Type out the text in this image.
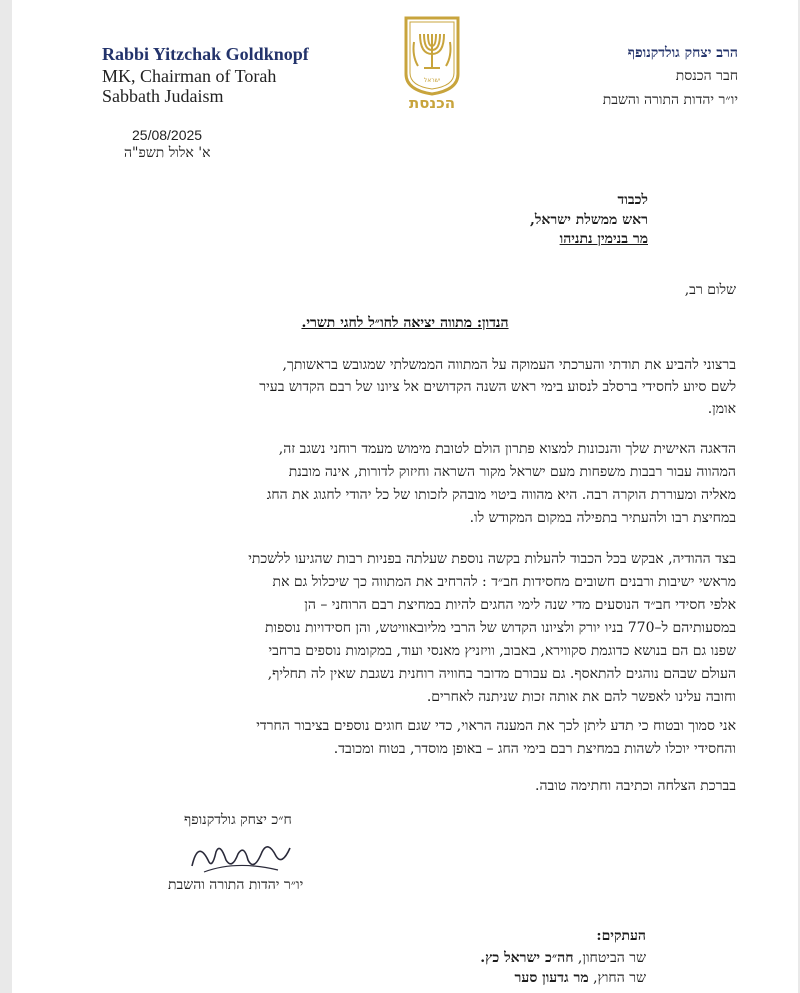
Rabbi Yitzchak Goldknopf
MK, Chairman of Torah
Sabbath Judaism
ישראל
הכנסת
הרב יצחק גולדקנופף
חבר הכנסת
יו״ר יהדות התורה והשבת
25/08/2025
א' אלול תשפ"ה
לכבוד
ראש ממשלת ישראל,
מר בנימין נתניהו
שלום רב,
הנדון: מתווה יציאה לחו״ל לחגי תשרי.
ברצוני להביע את תודתי והערכתי העמוקה על המתווה הממשלתי שמגובש בראשותך,
לשם סיוע לחסידי ברסלב לנסוע בימי ראש השנה הקדושים אל ציונו של רבם הקדוש בעיר
אומן.
הדאגה האישית שלך והנכונות למצוא פתרון הולם לטובת מימוש מעמד רוחני נשגב זה,
המהווה עבור רבבות משפחות מעם ישראל מקור השראה וחיזוק לדורות, אינה מובנת
מאליה ומעוררת הוקרה רבה. היא מהווה ביטוי מובהק לזכותו של כל יהודי לחגוג את החג
במחיצת רבו ולהעתיר בתפילה במקום המקודש לו.
בצד ההודיה, אבקש בכל הכבוד להעלות בקשה נוספת שעלתה בפניות רבות שהגיעו ללשכתי
מראשי ישיבות ורבנים חשובים מחסידות חב״ד : להרחיב את המתווה כך שיכלול גם את
אלפי חסידי חב״ד הנוסעים מדי שנה לימי החגים להיות במחיצת רבם הרוחני – הן
במסעותיהם ל–770 בניו יורק ולציונו הקדוש של הרבי מליובאוויטש, והן חסידויות נוספות
שפנו גם הם בנושא כדוגמת סקווירא, באבוב, וויזניץ מאנסי ועוד, במקומות נוספים ברחבי
העולם שבהם נוהגים להתאסף. גם עבורם מדובר בחוויה רוחנית נשגבת שאין לה תחליף,
וחובה עלינו לאפשר להם את אותה זכות שניתנה לאחרים.
אני סמוך ובטוח כי תדע ליתן לכך את המענה הראוי, כדי שגם חוגים נוספים בציבור החרדי
והחסידי יוכלו לשהות במחיצת רבם בימי החג – באופן מוסדר, בטוח ומכובד.
בברכת הצלחה וכתיבה וחתימה טובה.
ח״כ יצחק גולדקנופף
יו״ר יהדות התורה והשבת
העתקים:
שר הביטחון, חה״כ ישראל כץ.
שר החוץ, מר גדעון סער
